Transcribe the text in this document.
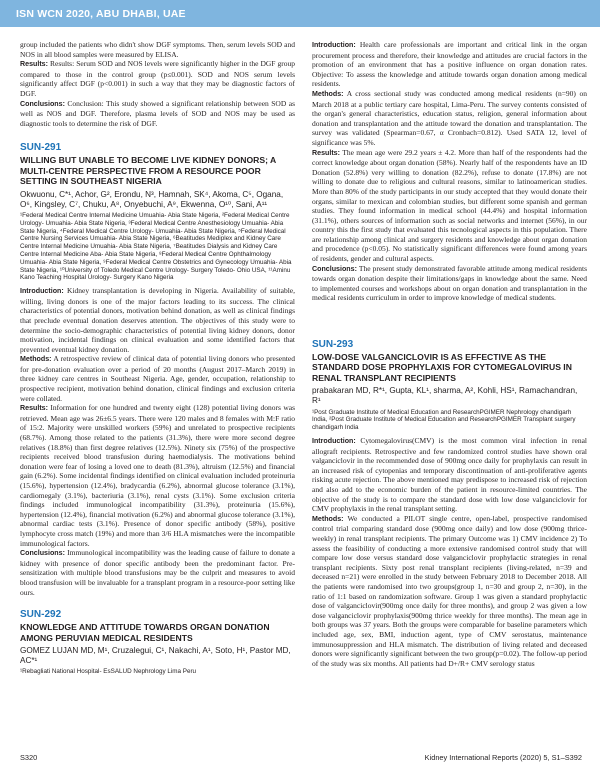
ISN WCN 2020, ABU DHABI, UAE

group included the patients who didn't show DGF symptoms. Then, serum levels SOD and NOS in all blood samples were measured by ELISA.

Results: Results: Serum SOD and NOS levels were significantly higher in the DGF group compared to those in the control group (p≤0.001). SOD and NOS serum levels significantly affect DGF (p<0.001) in such a way that they may be diagnostic factors of DGF.

Conclusions: Conclusion: This study showed a significant relationship between SOD as well as NOS and DGF. Therefore, plasma levels of SOD and NOS may be used as diagnostic tools to determine the risk of DGF.

SUN-291
WILLING BUT UNABLE TO BECOME LIVE KIDNEY DONORS; A MULTI-CENTRE PERSPECTIVE FROM A RESOURCE POOR SETTING IN SOUTHEAST NIGERIA
Okwuonu, C*¹, Achor, G², Erondu, N³, Hamnah, SK⁴, Akoma, C⁵, Ogana, O⁶, Kingsley, C⁷, Chuku, A⁸, Onyebuchi, A⁹, Ekwenna, O¹⁰, Sani, A¹¹
¹Federal Medical Centre Internal Medicine Umuahia- Abia State Nigeria, ²Federal Medical Centre Urology- Umuahia- Abia State Nigeria, ³Federal Medical Centre Anesthesiology Umuahia- Abia State Nigeria, ⁴Federal Medical Centre Urology- Umuahia- Abia State Nigeria, ⁵Federal Medical Centre Nursing Services Umuahia- Abia State Nigeria, ⁶Beatitudes Mediplex and Kidney Care Centre Internal Medicine Umuahia- Abia State Nigeria, ⁷Beatitudes Dialysis and Kidney Care Centre Internal Medicine Aba- Abia State Nigeria, ⁸Federal Medical Centre Ophthalmology Umuahia- Abia State Nigeria, ⁹Federal Medical Centre Obstetrics and Gynecology Umuahia- Abia State Nigeria, ¹⁰University of Toledo Medical Centre Urology- Surgery Toledo- Ohio USA, ¹¹Aminu Kano Teaching Hospital Urology- Surgery Kano Nigeria

Introduction: Kidney transplantation is developing in Nigeria. Availability of suitable, willing, living donors is one of the major factors leading to its success. The clinical characteristics of potential donors, motivation behind donation, as well as clinical findings that preclude eventual donation deserves attention. The objectives of this study were to determine the socio-demographic characteristics of potential living kidney donors, donor motivation, incidental findings on clinical evaluation and some identified factors that prevented eventual kidney donation.

Methods: A retrospective review of clinical data of potential living donors who presented for pre-donation evaluation over a period of 20 months (August 2017–March 2019) in three kidney care centres in Southeast Nigeria. Age, gender, occupation, relationship to prospective recipient, motivation behind donation, clinical findings and exclusion criteria were collated.

Results: Information for one hundred and twenty eight (128) potential living donors was retrieved. Mean age was 26±6.5 years. There were 120 males and 8 females with M:F ratio of 15:2. Majority were unskilled workers (59%) and unrelated to prospective recipients (68.7%). Among those related to the patients (31.3%), there were more second degree relatives (18.8%) than first degree relatives (12.5%). Ninety six (75%) of the prospective recipients received blood transfusion during haemodialysis. The motivations behind donation were fear of losing a loved one to death (81.3%), altruism (12.5%) and financial gain (6.2%). Some incidental findings identified on clinical evaluation included proteinuria (15.6%), hypertension (12.4%), bradycardia (6.2%), abnormal glucose tolerance (3.1%), cardiomegaly (3.1%), bacteriuria (3.1%), renal cysts (3.1%). Some exclusion criteria findings included immunological incompatibility (31.3%), proteinuria (15.6%), hypertension (12.4%), financial motivation (6.2%) and abnormal glucose tolerance (3.1%), abnormal cardiac tests (3.1%). Presence of donor specific antibody (58%), positive lymphocyte cross match (19%) and more than 3/6 HLA mismatches were the incompatible immunological factors.

Conclusions: Immunological incompatibility was the leading cause of failure to donate a kidney with presence of donor specific antibody been the predominant factor. Pre-sensitization with multiple blood transfusions may be the culprit and measures to avoid blood transfusion will be invaluable for a transplant program in a resource-poor setting like ours.

SUN-292
KNOWLEDGE AND ATTITUDE TOWARDS ORGAN DONATION AMONG PERUVIAN MEDICAL RESIDENTS
GOMEZ LUJAN MD, M¹, Cruzalegui, C¹, Nakachi, A¹, Soto, H¹, Pastor MD, AC*¹
¹Rebagliati National Hospital- EsSALUD Nephrology Lima Peru

Introduction: Health care professionals are important and critical link in the organ procurement process and therefore, their knowledge and attitudes are crucial factors in the promotion of an environment that has a positive influence on organ donation rates. Objective: To assess the knowledge and attitude towards organ donation among medical residents.

Methods: A cross sectional study was conducted among medical residents (n=90) on March 2018 at a public tertiary care hospital, Lima-Peru. The survey contents consisted of the organ's general characteristics, education status, religion, general information about donation and transplantation and the attitude toward the donation and transplantation. The survey was validated (Spearman=0.67, α Cronbach=0.812). Used SATA 12, level of significance was 5%.

Results: The mean age were 29.2 years ± 4.2. More than half of the respondents had the correct knowledge about organ donation (58%). Nearly half of the respondents have an ID Donation (52.8%) very willing to donation (82.2%), refuse to donate (17.8%) are not willing to donate due to religious and cultural reasons, similar to latinoamerican studies. More than 80% of the study participants in our study accepted that they would donate their organs, similar to mexican and colombian studies, but different some spanish and german studies. They found information in medical school (44.4%) and hospital information (31.1%), others sources of information such as social networks and internet (56%), in our country this the first study that evaluated this tecnological aspects in this population. There are relationship among clinical and surgery residents and knowledge about organ donation and procedence (p<0.05). No statistically significant differences were found among years of residents, gender and cultural aspects.

Conclusions: The present study demonstrated favorable attitude among medical residents towards organ donation despite their limitations/gaps in knowledge about the same. Need to implemented courses and workshops about on organ donation and transplantation in the medical residents curriculum in order to improve knowledge of medical students.

SUN-293
LOW-DOSE VALGANCICLOVIR IS AS EFFECTIVE AS THE STANDARD DOSE PROPHYLAXIS FOR CYTOMEGALOVIRUS IN RENAL TRANSPLANT RECIPIENTS
prabakaran MD, R*¹, Gupta, KL¹, sharma, A², Kohli, HS¹, Ramachandran, R¹
¹Post Graduate Institute of Medical Education and ResearchPGIMER Nephrology chandigarh India, ²Post Graduate Institute of Medical Education and ResearchPGIMER Transplant surgery chandigarh India

Introduction: Cytomegalovirus(CMV) is the most common viral infection in renal allograft recipients. Retrospective and few randomized control studies have shown oral valganciclovir in the recommended dose of 900mg once daily for prophylaxis can result in an increased risk of cytopenias and temporary discontinuation of anti-proliferative agents risking acute rejection. The above mentioned may predispose to increased risk of rejection and also add to the economic burden of the patient in resource-limited countries. The objective of the study is to compare the standard dose with low dose valganciclovir for CMV prophylaxis in the renal transplant setting.

Methods: We conducted a PILOT single centre, open-label, prospective randomised control trial comparing standard dose (900mg once daily) and low dose (900mg thrice-weekly) in renal transplant recipients. The primary Outcome was 1) CMV incidence 2) To assess the feasibility of conducting a more extensive randomised control study that will compare low dose versus standard dose valganciclovir prophylactic strategies in renal transplant recipients. Sixty post renal transplant recipients (living-related, n=39 and deceased n=21) were enrolled in the study between February 2018 to December 2018. All the patients were randomised into two groups(group 1, n=30 and group 2, n=30), in the ratio of 1:1 based on randomization software. Group 1 was given a standard prophylactic dose of valganciclovir(900mg once daily for three months), and group 2 was given a low dose valganciclovir prophylaxis(900mg thrice weekly for three months). The mean age in both groups was 37 years. Both the groups were comparable for baseline parameters which included age, sex, BMI, induction agent, type of CMV serostatus, maintenance immunosuppression and HLA mismatch. The distribution of living related and deceased donors were significantly significant between the two group(p=0.02). The follow-up period of the study was six months. All patients had D+/R+ CMV serology status

S320	Kidney International Reports (2020) 5, S1–S392
